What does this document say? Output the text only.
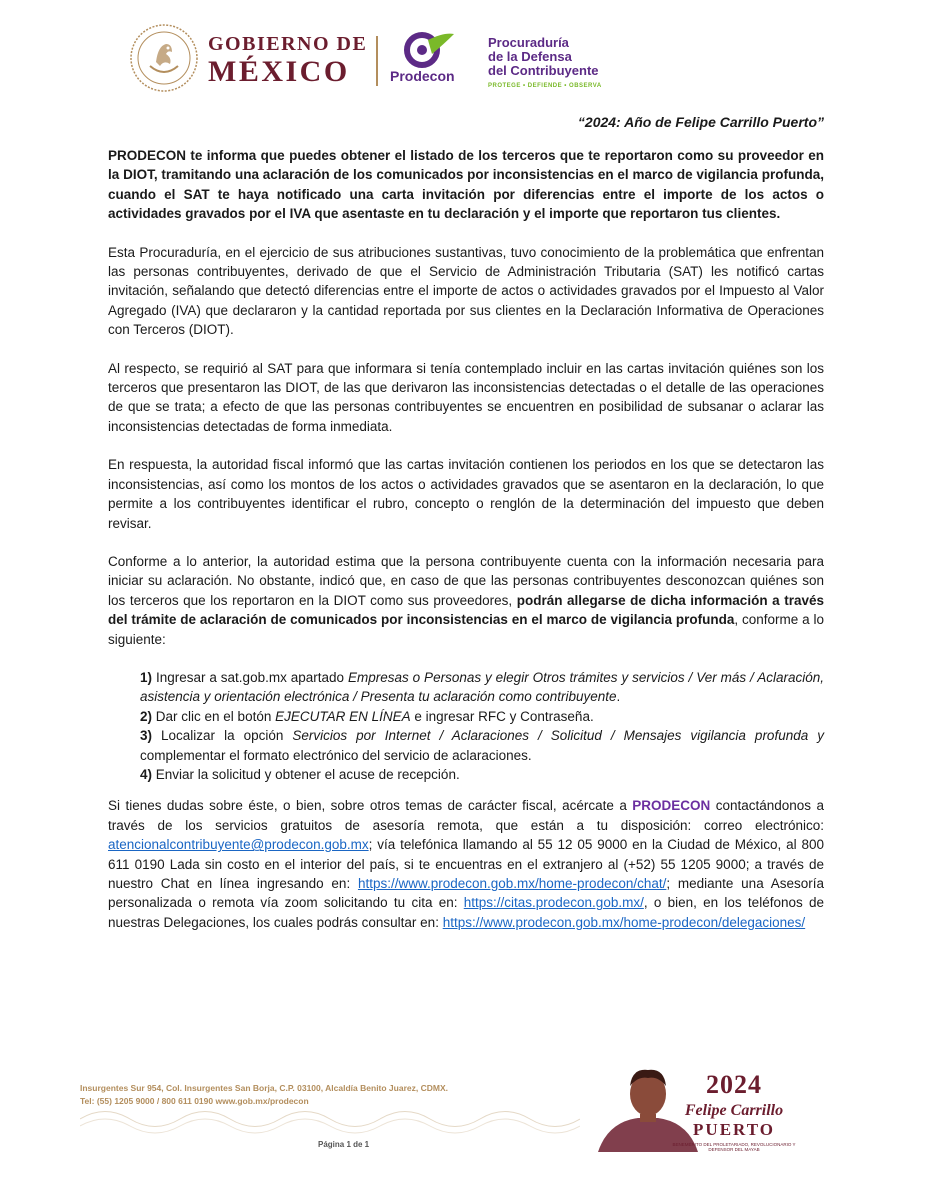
GOBIERNO DE
MÉXICO	Prodecon
Procuraduría
de la Defensa
del Contribuyente
PROTEGE • DEFIENDE • OBSERVA
“2024: Año de Felipe Carrillo Puerto”

PRODECON te informa que puedes obtener el listado de los terceros que te reportaron como su proveedor en la DIOT, tramitando una aclaración de los comunicados por inconsistencias en el marco de vigilancia profunda, cuando el SAT te haya notificado una carta invitación por diferencias entre el importe de los actos o actividades gravados por el IVA que asentaste en tu declaración y el importe que reportaron tus clientes.

Esta Procuraduría, en el ejercicio de sus atribuciones sustantivas, tuvo conocimiento de la problemática que enfrentan las personas contribuyentes, derivado de que el Servicio de Administración Tributaria (SAT) les notificó cartas invitación, señalando que detectó diferencias entre el importe de actos o actividades gravados por el Impuesto al Valor Agregado (IVA) que declararon y la cantidad reportada por sus clientes en la Declaración Informativa de Operaciones con Terceros (DIOT).

Al respecto, se requirió al SAT para que informara si tenía contemplado incluir en las cartas invitación quiénes son los terceros que presentaron las DIOT, de las que derivaron las inconsistencias detectadas o el detalle de las operaciones de que se trata; a efecto de que las personas contribuyentes se encuentren en posibilidad de subsanar o aclarar las inconsistencias detectadas de forma inmediata.

En respuesta, la autoridad fiscal informó que las cartas invitación contienen los periodos en los que se detectaron las inconsistencias, así como los montos de los actos o actividades gravados que se asentaron en la declaración, lo que permite a los contribuyentes identificar el rubro, concepto o renglón de la determinación del impuesto que deben revisar.

Conforme a lo anterior, la autoridad estima que la persona contribuyente cuenta con la información necesaria para iniciar su aclaración. No obstante, indicó que, en caso de que las personas contribuyentes desconozcan quiénes son los terceros que los reportaron en la DIOT como sus proveedores, podrán allegarse de dicha información a través del trámite de aclaración de comunicados por inconsistencias en el marco de vigilancia profunda, conforme a lo siguiente:

1) Ingresar a sat.gob.mx apartado Empresas o Personas y elegir Otros trámites y servicios / Ver más / Aclaración, asistencia y orientación electrónica / Presenta tu aclaración como contribuyente.
2) Dar clic en el botón EJECUTAR EN LÍNEA e ingresar RFC y Contraseña.
3) Localizar la opción Servicios por Internet / Aclaraciones / Solicitud / Mensajes vigilancia profunda y complementar el formato electrónico del servicio de aclaraciones.
4) Enviar la solicitud y obtener el acuse de recepción.

Si tienes dudas sobre éste, o bien, sobre otros temas de carácter fiscal, acércate a PRODECON contactándonos a través de los servicios gratuitos de asesoría remota, que están a tu disposición: correo electrónico: atencionalcontribuyente@prodecon.gob.mx; vía telefónica llamando al 55 12 05 9000 en la Ciudad de México, al 800 611 0190 Lada sin costo en el interior del país, si te encuentras en el extranjero al (+52) 55 1205 9000; a través de nuestro Chat en línea ingresando en: https://www.prodecon.gob.mx/home-prodecon/chat/; mediante una Asesoría personalizada o remota vía zoom solicitando tu cita en: https://citas.prodecon.gob.mx/, o bien, en los teléfonos de nuestras Delegaciones, los cuales podrás consultar en: https://www.prodecon.gob.mx/home-prodecon/delegaciones/

Insurgentes Sur 954, Col. Insurgentes San Borja, C.P. 03100, Alcaldía Benito Juarez, CDMX.
Tel: (55) 1205 9000 / 800 611 0190 www.gob.mx/prodecon
Página 1 de 1
2024
Felipe Carrillo
PUERTO
BENEMÉRITO DEL PROLETARIADO, REVOLUCIONARIO Y DEFENSOR DEL MAYAB
